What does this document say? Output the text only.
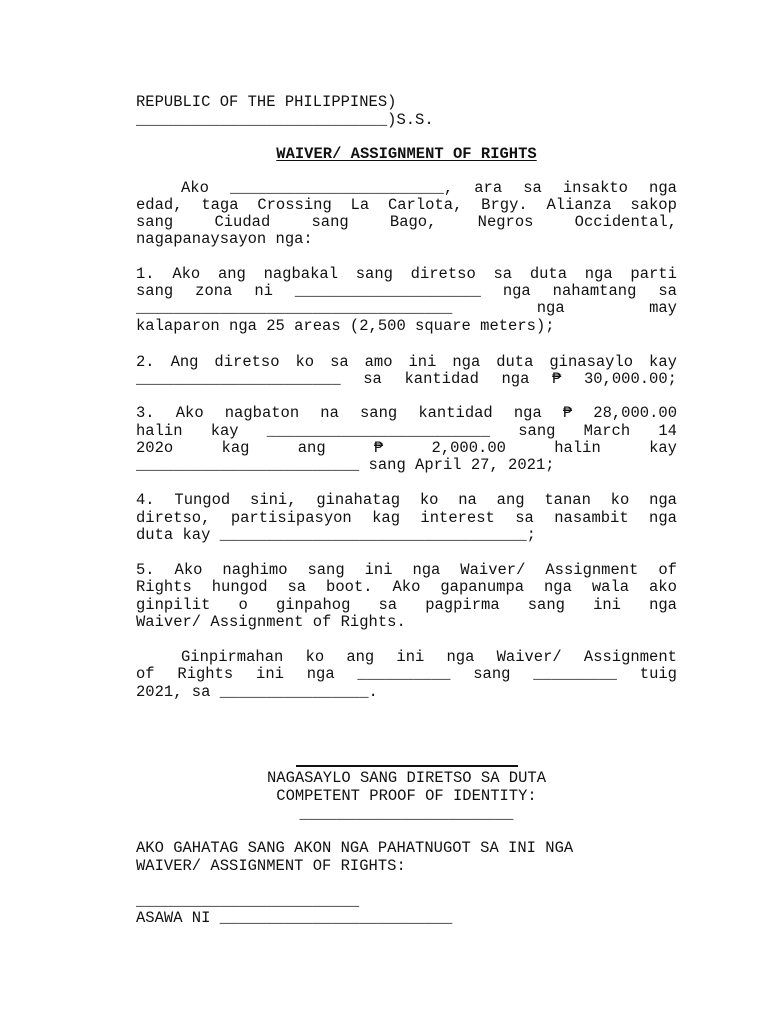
REPUBLIC OF THE PHILIPPINES)
___________________________)S.S.
WAIVER/ ASSIGNMENT OF RIGHTS
Ako _______________________, ara sa insakto nga
edad, taga Crossing La Carlota, Brgy. Alianza sakop
sang	Ciudad	sang	Bago,	Negros	Occidental,
nagapanaysayon nga:
1. Ako ang nagbakal sang diretso sa duta nga parti
sang zona ni ____________________ nga nahamtang sa
__________________________________	nga	may
kalaparon nga 25 areas (2,500 square meters);
2. Ang diretso ko sa amo ini nga duta ginasaylo kay
______________________ sa kantidad nga ₱ 30,000.00;
3. Ako nagbaton na sang kantidad nga ₱ 28,000.00
halin kay ________________________ sang March 14
202o	kag	ang	₱	2,000.00	halin	kay
________________________ sang April 27, 2021;
4. Tungod sini, ginahatag ko na ang tanan ko nga
diretso, partisipasyon kag interest sa nasambit nga
duta kay _________________________________;
5. Ako naghimo sang ini nga Waiver/ Assignment of
Rights hungod sa boot. Ako gapanumpa nga wala ako
ginpilit o ginpahog sa pagpirma sang ini nga
Waiver/ Assignment of Rights.
Ginpirmahan ko ang ini nga Waiver/ Assignment
of Rights ini nga __________ sang _________ tuig
2021, sa ________________.
NAGASAYLO SANG DIRETSO SA DUTA
COMPETENT PROOF OF IDENTITY:
_______________________
AKO GAHATAG SANG AKON NGA PAHATNUGOT SA INI NGA
WAIVER/ ASSIGNMENT OF RIGHTS:
________________________
ASAWA NI _________________________
